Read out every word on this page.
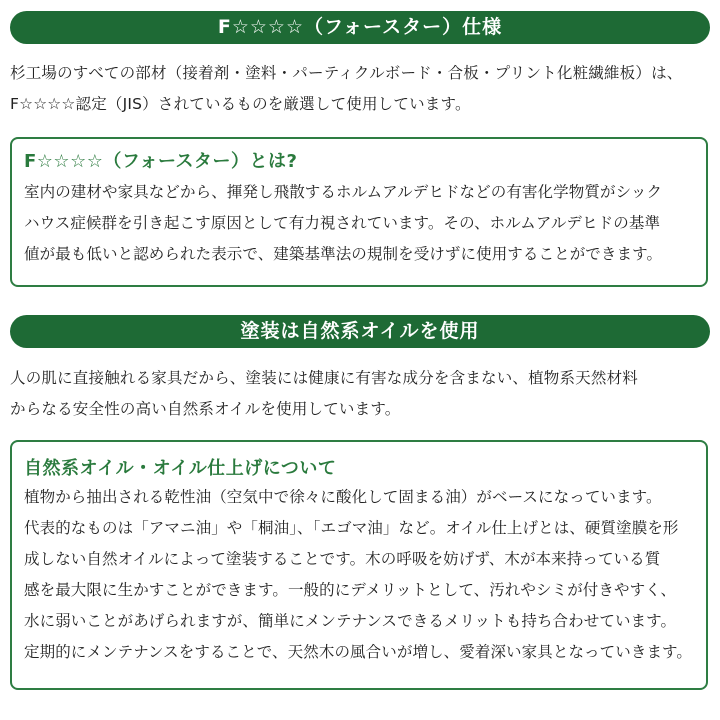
F☆☆☆☆（フォースター）仕様
杉工場のすべての部材（接着剤・塗料・パーティクルボード・合板・プリント化粧繊維板）は、
F☆☆☆☆認定（JIS）されているものを厳選して使用しています。
F☆☆☆☆（フォースター）とは?
室内の建材や家具などから、揮発し飛散するホルムアルデヒドなどの有害化学物質がシック
ハウス症候群を引き起こす原因として有力視されています。その、ホルムアルデヒドの基準
値が最も低いと認められた表示で、建築基準法の規制を受けずに使用することができます。
塗装は自然系オイルを使用
人の肌に直接触れる家具だから、塗装には健康に有害な成分を含まない、植物系天然材料
からなる安全性の高い自然系オイルを使用しています。
自然系オイル・オイル仕上げについて
植物から抽出される乾性油（空気中で徐々に酸化して固まる油）がベースになっています。
代表的なものは「アマニ油」や「桐油」、「エゴマ油」など。オイル仕上げとは、硬質塗膜を形
成しない自然オイルによって塗装することです。木の呼吸を妨げず、木が本来持っている質
感を最大限に生かすことができます。一般的にデメリットとして、汚れやシミが付きやすく、
水に弱いことがあげられますが、簡単にメンテナンスできるメリットも持ち合わせています。
定期的にメンテナンスをすることで、天然木の風合いが増し、愛着深い家具となっていきます。
